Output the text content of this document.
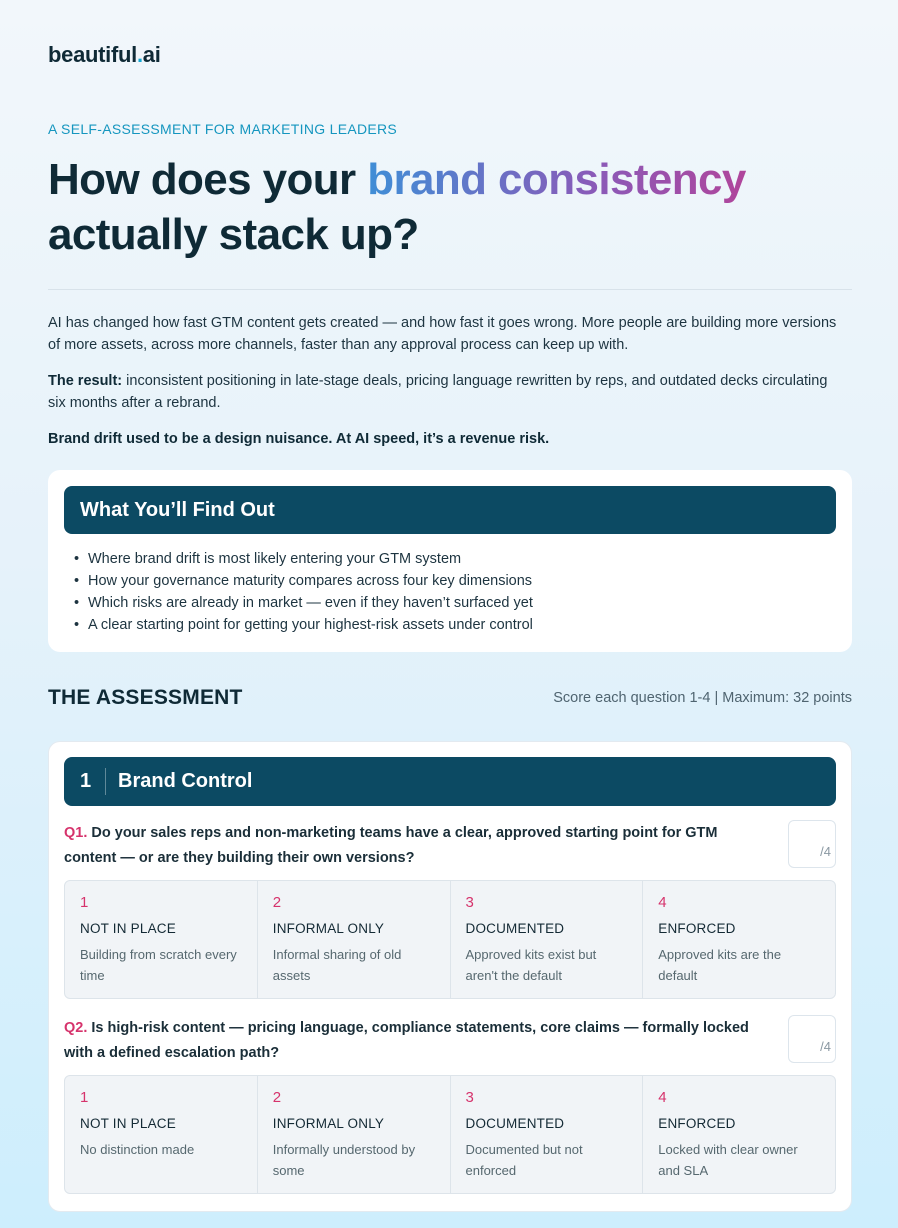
beautiful.ai
A SELF-ASSESSMENT FOR MARKETING LEADERS
How does your brand consistency
actually stack up?

AI has changed how fast GTM content gets created — and how fast it goes wrong. More people are building more versions of more assets, across more channels, faster than any approval process can keep up with.

The result: inconsistent positioning in late-stage deals, pricing language rewritten by reps, and outdated decks circulating six months after a rebrand.

Brand drift used to be a design nuisance. At AI speed, it’s a revenue risk.

What You’ll Find Out
• Where brand drift is most likely entering your GTM system
• How your governance maturity compares across four key dimensions
• Which risks are already in market — even if they haven’t surfaced yet
• A clear starting point for getting your highest-risk assets under control
THE ASSESSMENT	Score each question 1-4 | Maximum: 32 points
1 Brand Control
Q1. Do your sales reps and non-marketing teams have a clear, approved starting point for GTM content — or are they building their own versions?	/4
1
NOT IN PLACE
Building from scratch every time
2
INFORMAL ONLY
Informal sharing of old assets
3
DOCUMENTED
Approved kits exist but aren't the default
4
ENFORCED
Approved kits are the default
Q2. Is high-risk content — pricing language, compliance statements, core claims — formally locked with a defined escalation path?	/4
1
NOT IN PLACE
No distinction made
2
INFORMAL ONLY
Informally understood by some
3
DOCUMENTED
Documented but not enforced
4
ENFORCED
Locked with clear owner and SLA
